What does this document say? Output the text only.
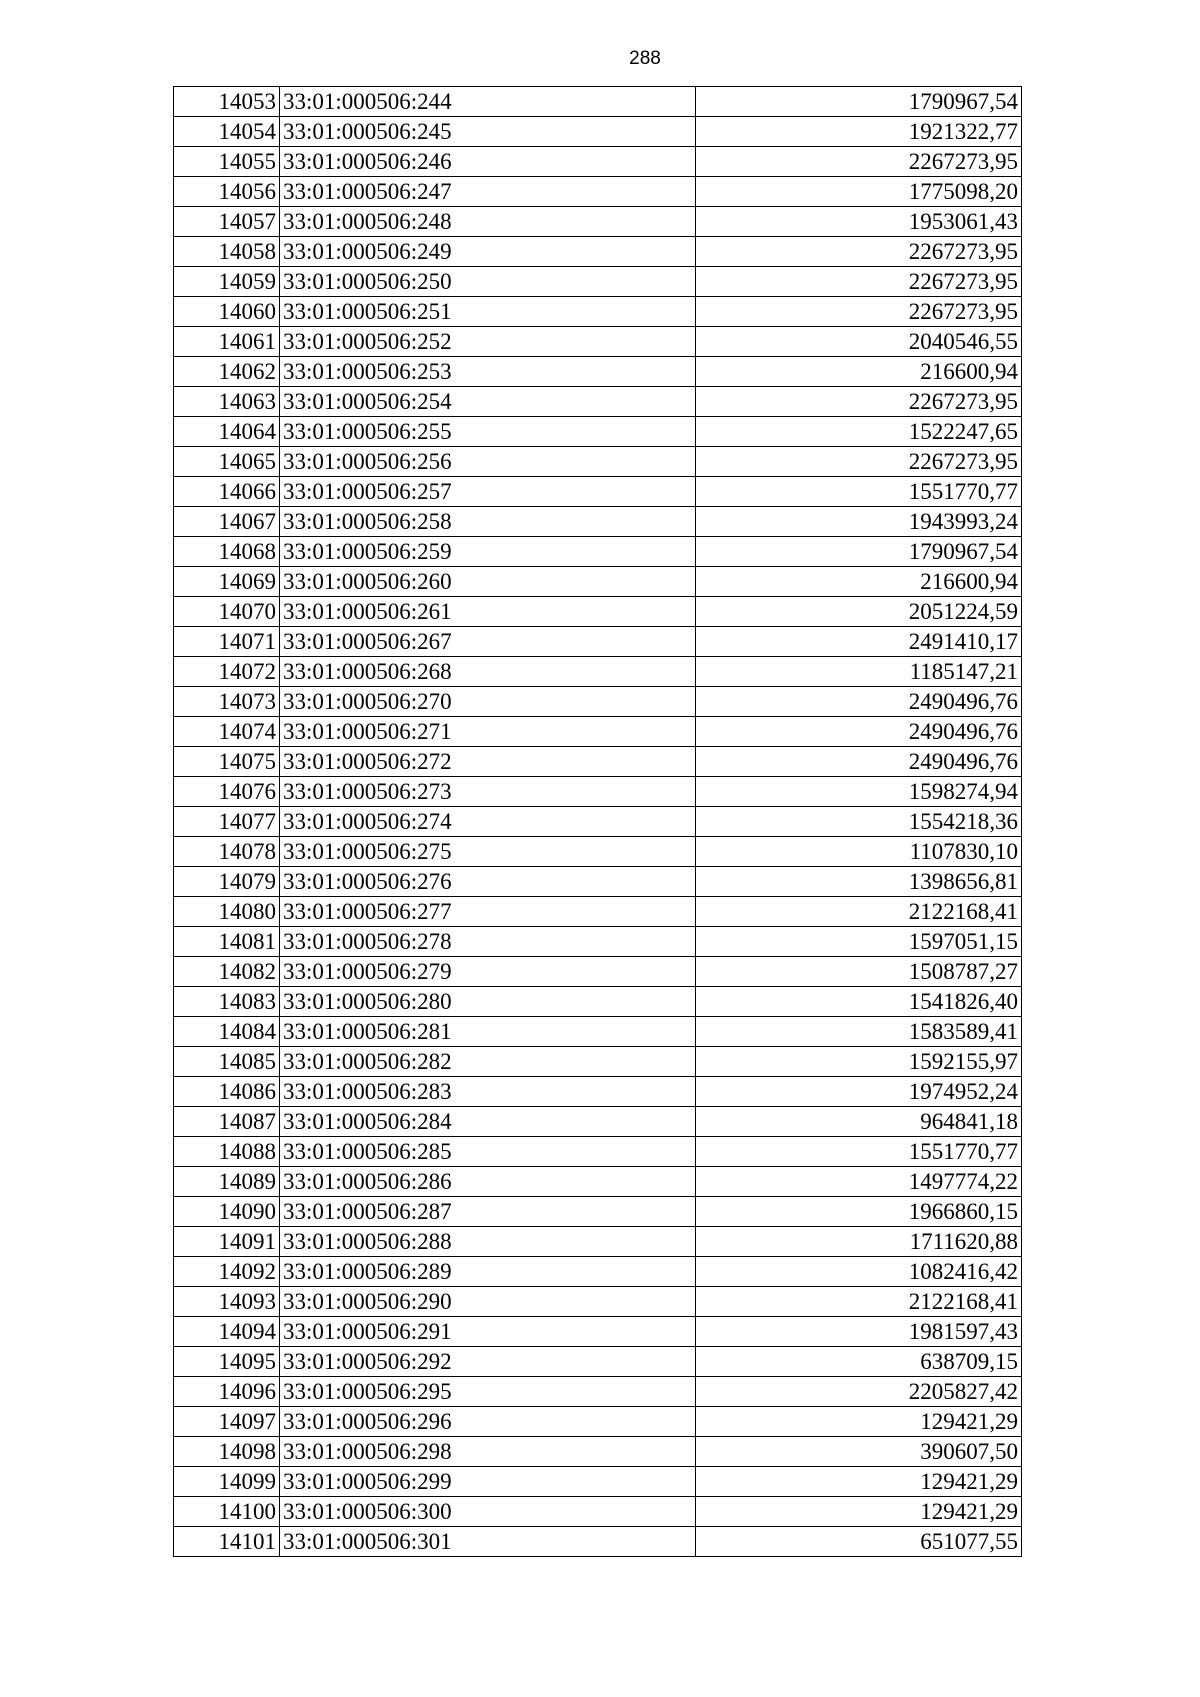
288
14053	33:01:000506:244	1790967,54
14054	33:01:000506:245	1921322,77
14055	33:01:000506:246	2267273,95
14056	33:01:000506:247	1775098,20
14057	33:01:000506:248	1953061,43
14058	33:01:000506:249	2267273,95
14059	33:01:000506:250	2267273,95
14060	33:01:000506:251	2267273,95
14061	33:01:000506:252	2040546,55
14062	33:01:000506:253	216600,94
14063	33:01:000506:254	2267273,95
14064	33:01:000506:255	1522247,65
14065	33:01:000506:256	2267273,95
14066	33:01:000506:257	1551770,77
14067	33:01:000506:258	1943993,24
14068	33:01:000506:259	1790967,54
14069	33:01:000506:260	216600,94
14070	33:01:000506:261	2051224,59
14071	33:01:000506:267	2491410,17
14072	33:01:000506:268	1185147,21
14073	33:01:000506:270	2490496,76
14074	33:01:000506:271	2490496,76
14075	33:01:000506:272	2490496,76
14076	33:01:000506:273	1598274,94
14077	33:01:000506:274	1554218,36
14078	33:01:000506:275	1107830,10
14079	33:01:000506:276	1398656,81
14080	33:01:000506:277	2122168,41
14081	33:01:000506:278	1597051,15
14082	33:01:000506:279	1508787,27
14083	33:01:000506:280	1541826,40
14084	33:01:000506:281	1583589,41
14085	33:01:000506:282	1592155,97
14086	33:01:000506:283	1974952,24
14087	33:01:000506:284	964841,18
14088	33:01:000506:285	1551770,77
14089	33:01:000506:286	1497774,22
14090	33:01:000506:287	1966860,15
14091	33:01:000506:288	1711620,88
14092	33:01:000506:289	1082416,42
14093	33:01:000506:290	2122168,41
14094	33:01:000506:291	1981597,43
14095	33:01:000506:292	638709,15
14096	33:01:000506:295	2205827,42
14097	33:01:000506:296	129421,29
14098	33:01:000506:298	390607,50
14099	33:01:000506:299	129421,29
14100	33:01:000506:300	129421,29
14101	33:01:000506:301	651077,55
